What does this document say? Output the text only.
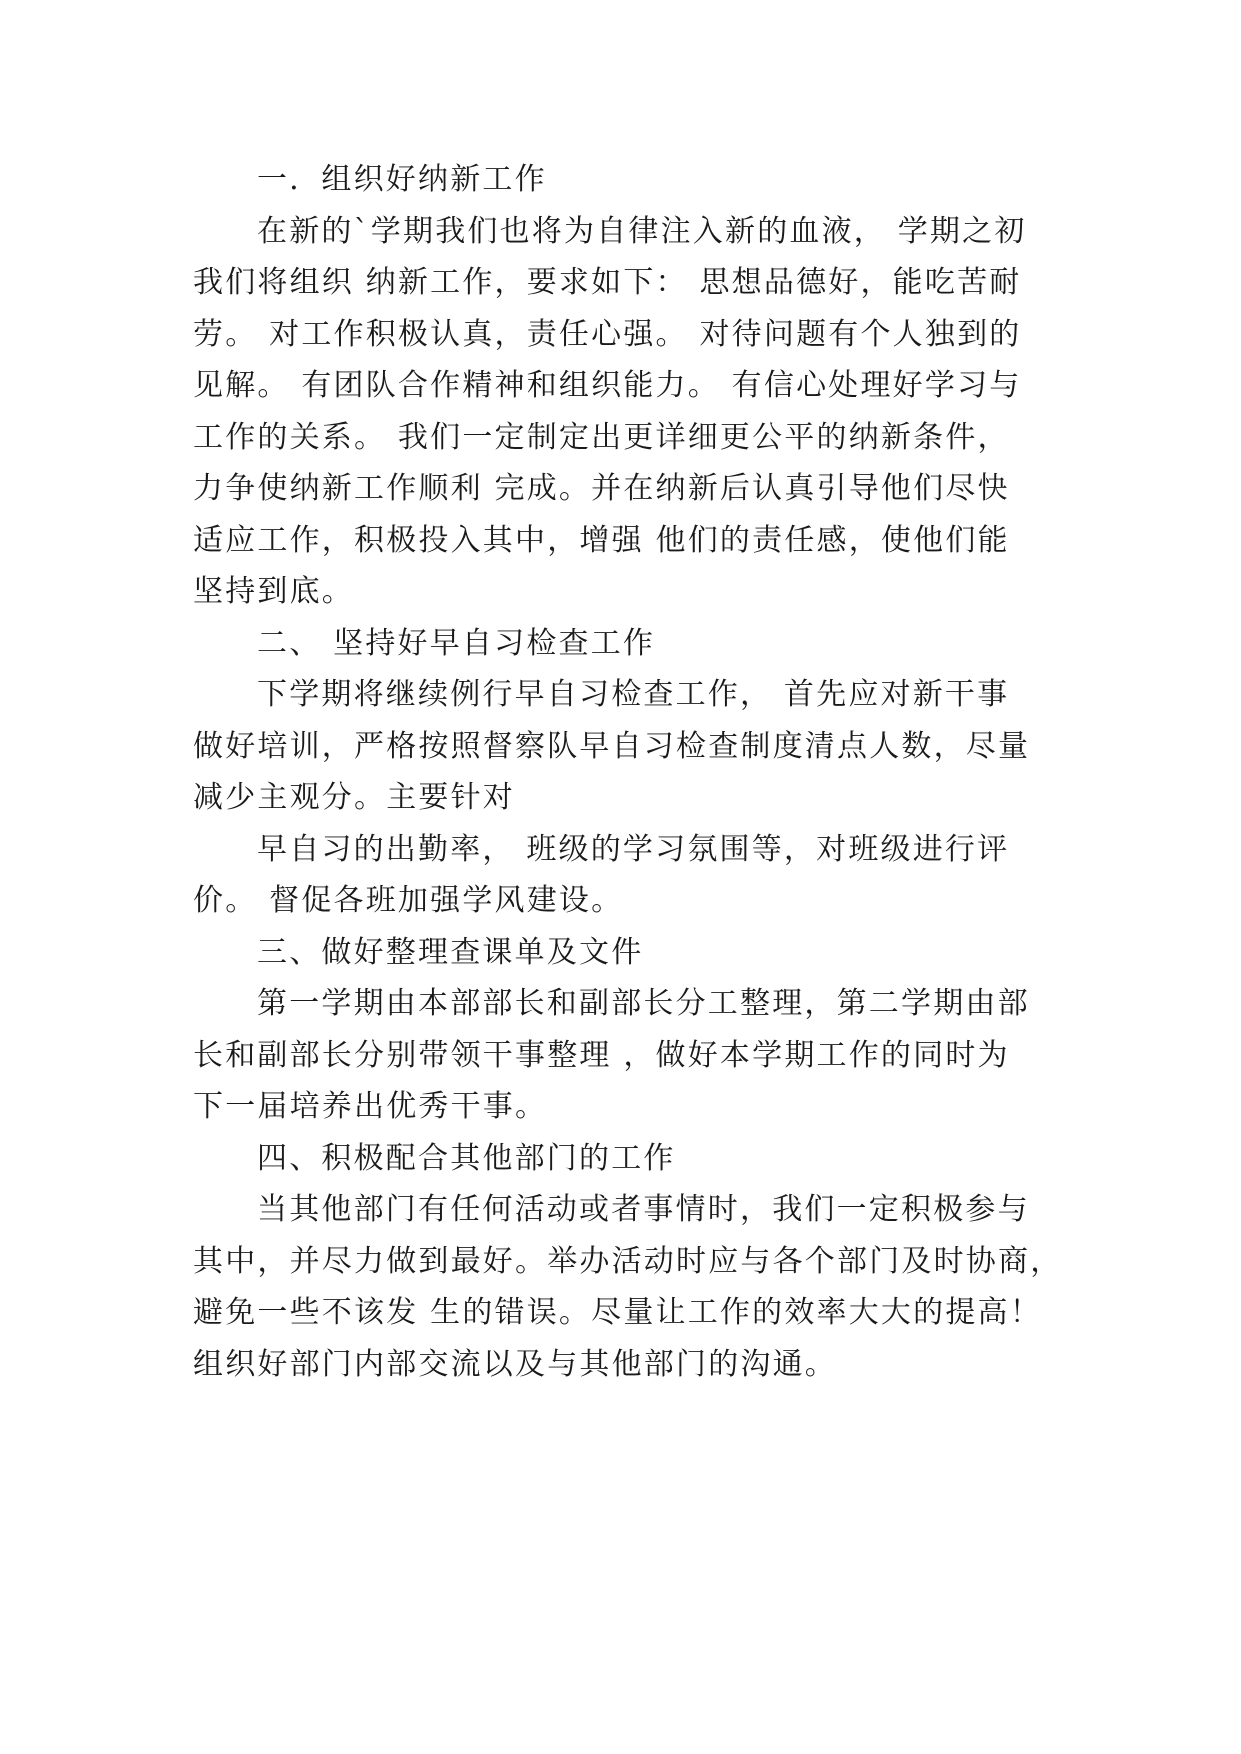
一．组织好纳新工作
在新的`学期我们也将为自律注入新的血液， 学期之初
我们将组织 纳新工作，要求如下： 思想品德好，能吃苦耐
劳。 对工作积极认真，责任心强。 对待问题有个人独到的
见解。 有团队合作精神和组织能力。 有信心处理好学习与
工作的关系。 我们一定制定出更详细更公平的纳新条件，
力争使纳新工作顺利 完成。并在纳新后认真引导他们尽快
适应工作，积极投入其中，增强 他们的责任感，使他们能
坚持到底。
二、 坚持好早自习检查工作
下学期将继续例行早自习检查工作， 首先应对新干事
做好培训，严格按照督察队早自习检查制度清点人数，尽量
减少主观分。主要针对
早自习的出勤率， 班级的学习氛围等，对班级进行评
价。 督促各班加强学风建设。
三、做好整理查课单及文件
第一学期由本部部长和副部长分工整理，第二学期由部
长和副部长分别带领干事整理 ，做好本学期工作的同时为
下一届培养出优秀干事。
四、积极配合其他部门的工作
当其他部门有任何活动或者事情时，我们一定积极参与
其中，并尽力做到最好。举办活动时应与各个部门及时协商，
避免一些不该发 生的错误。尽量让工作的效率大大的提高！
组织好部门内部交流以及与其他部门的沟通。
